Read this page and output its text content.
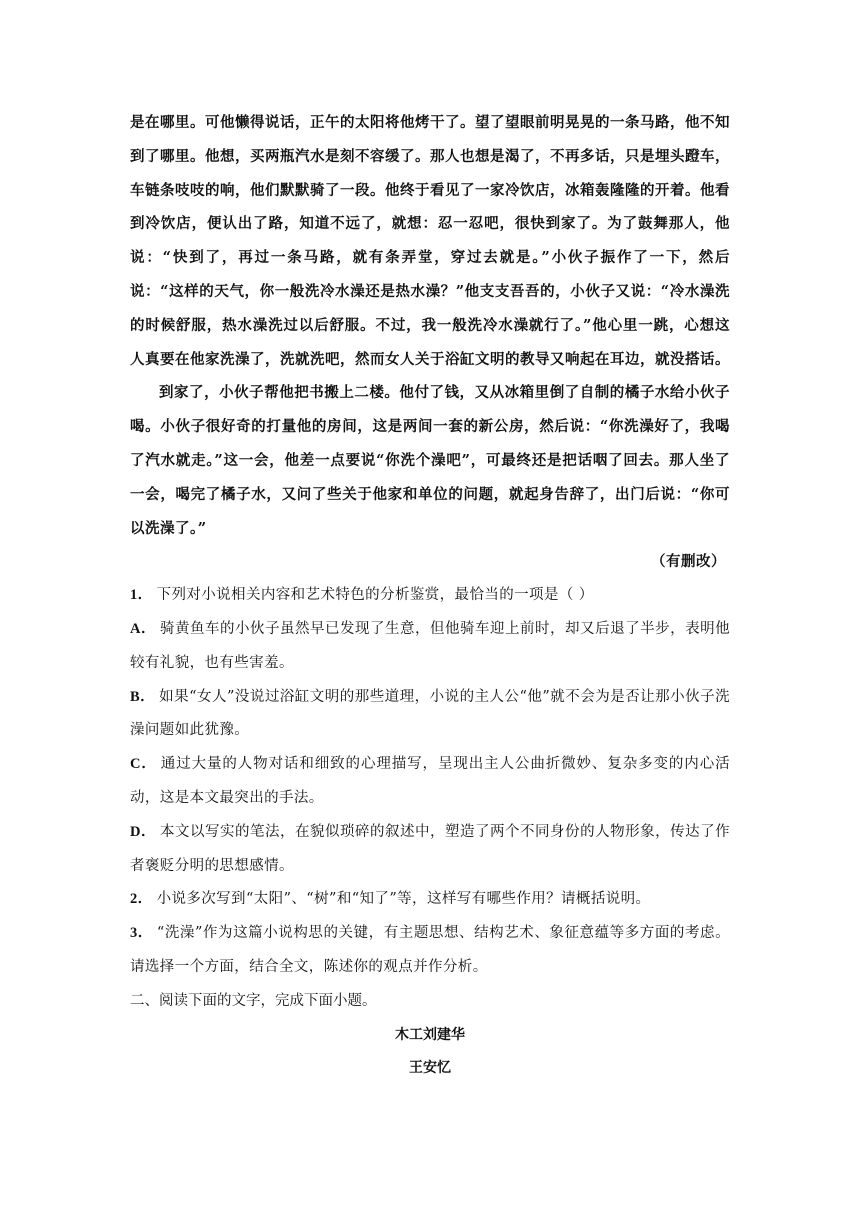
是在哪里。可他懒得说话，正午的太阳将他烤干了。望了望眼前明晃晃的一条马路，他不知到了哪里。他想，买两瓶汽水是刻不容缓了。那人也想是渴了，不再多话，只是埋头蹬车，车链条吱吱的响，他们默默骑了一段。他终于看见了一家冷饮店，冰箱轰隆隆的开着。他看到冷饮店，便认出了路，知道不远了，就想：忍一忍吧，很快到家了。为了鼓舞那人，他说：“快到了，再过一条马路，就有条弄堂，穿过去就是。”小伙子振作了一下，然后说：“这样的天气，你一般洗冷水澡还是热水澡？”他支支吾吾的，小伙子又说：“冷水澡洗的时候舒服，热水澡洗过以后舒服。不过，我一般洗冷水澡就行了。”他心里一跳，心想这人真要在他家洗澡了，洗就洗吧，然而女人关于浴缸文明的教导又响起在耳边，就没搭话。

到家了，小伙子帮他把书搬上二楼。他付了钱，又从冰箱里倒了自制的橘子水给小伙子喝。小伙子很好奇的打量他的房间，这是两间一套的新公房，然后说：“你洗澡好了，我喝了汽水就走。”这一会，他差一点要说“你洗个澡吧”，可最终还是把话咽了回去。那人坐了一会，喝完了橘子水，又问了些关于他家和单位的问题，就起身告辞了，出门后说：“你可以洗澡了。”

（有删改）

1． 下列对小说相关内容和艺术特色的分析鉴赏，最恰当的一项是（ ）

A． 骑黄鱼车的小伙子虽然早已发现了生意，但他骑车迎上前时，却又后退了半步，表明他较有礼貌，也有些害羞。

B． 如果“女人”没说过浴缸文明的那些道理，小说的主人公“他”就不会为是否让那小伙子洗澡问题如此犹豫。

C． 通过大量的人物对话和细致的心理描写，呈现出主人公曲折微妙、复杂多变的内心活动，这是本文最突出的手法。

D． 本文以写实的笔法，在貌似琐碎的叙述中，塑造了两个不同身份的人物形象，传达了作者褒贬分明的思想感情。

2． 小说多次写到“太阳”、“树”和“知了”等，这样写有哪些作用？请概括说明。

3． “洗澡”作为这篇小说构思的关键，有主题思想、结构艺术、象征意蕴等多方面的考虑。请选择一个方面，结合全文，陈述你的观点并作分析。

二、阅读下面的文字，完成下面小题。

木工刘建华

王安忆
